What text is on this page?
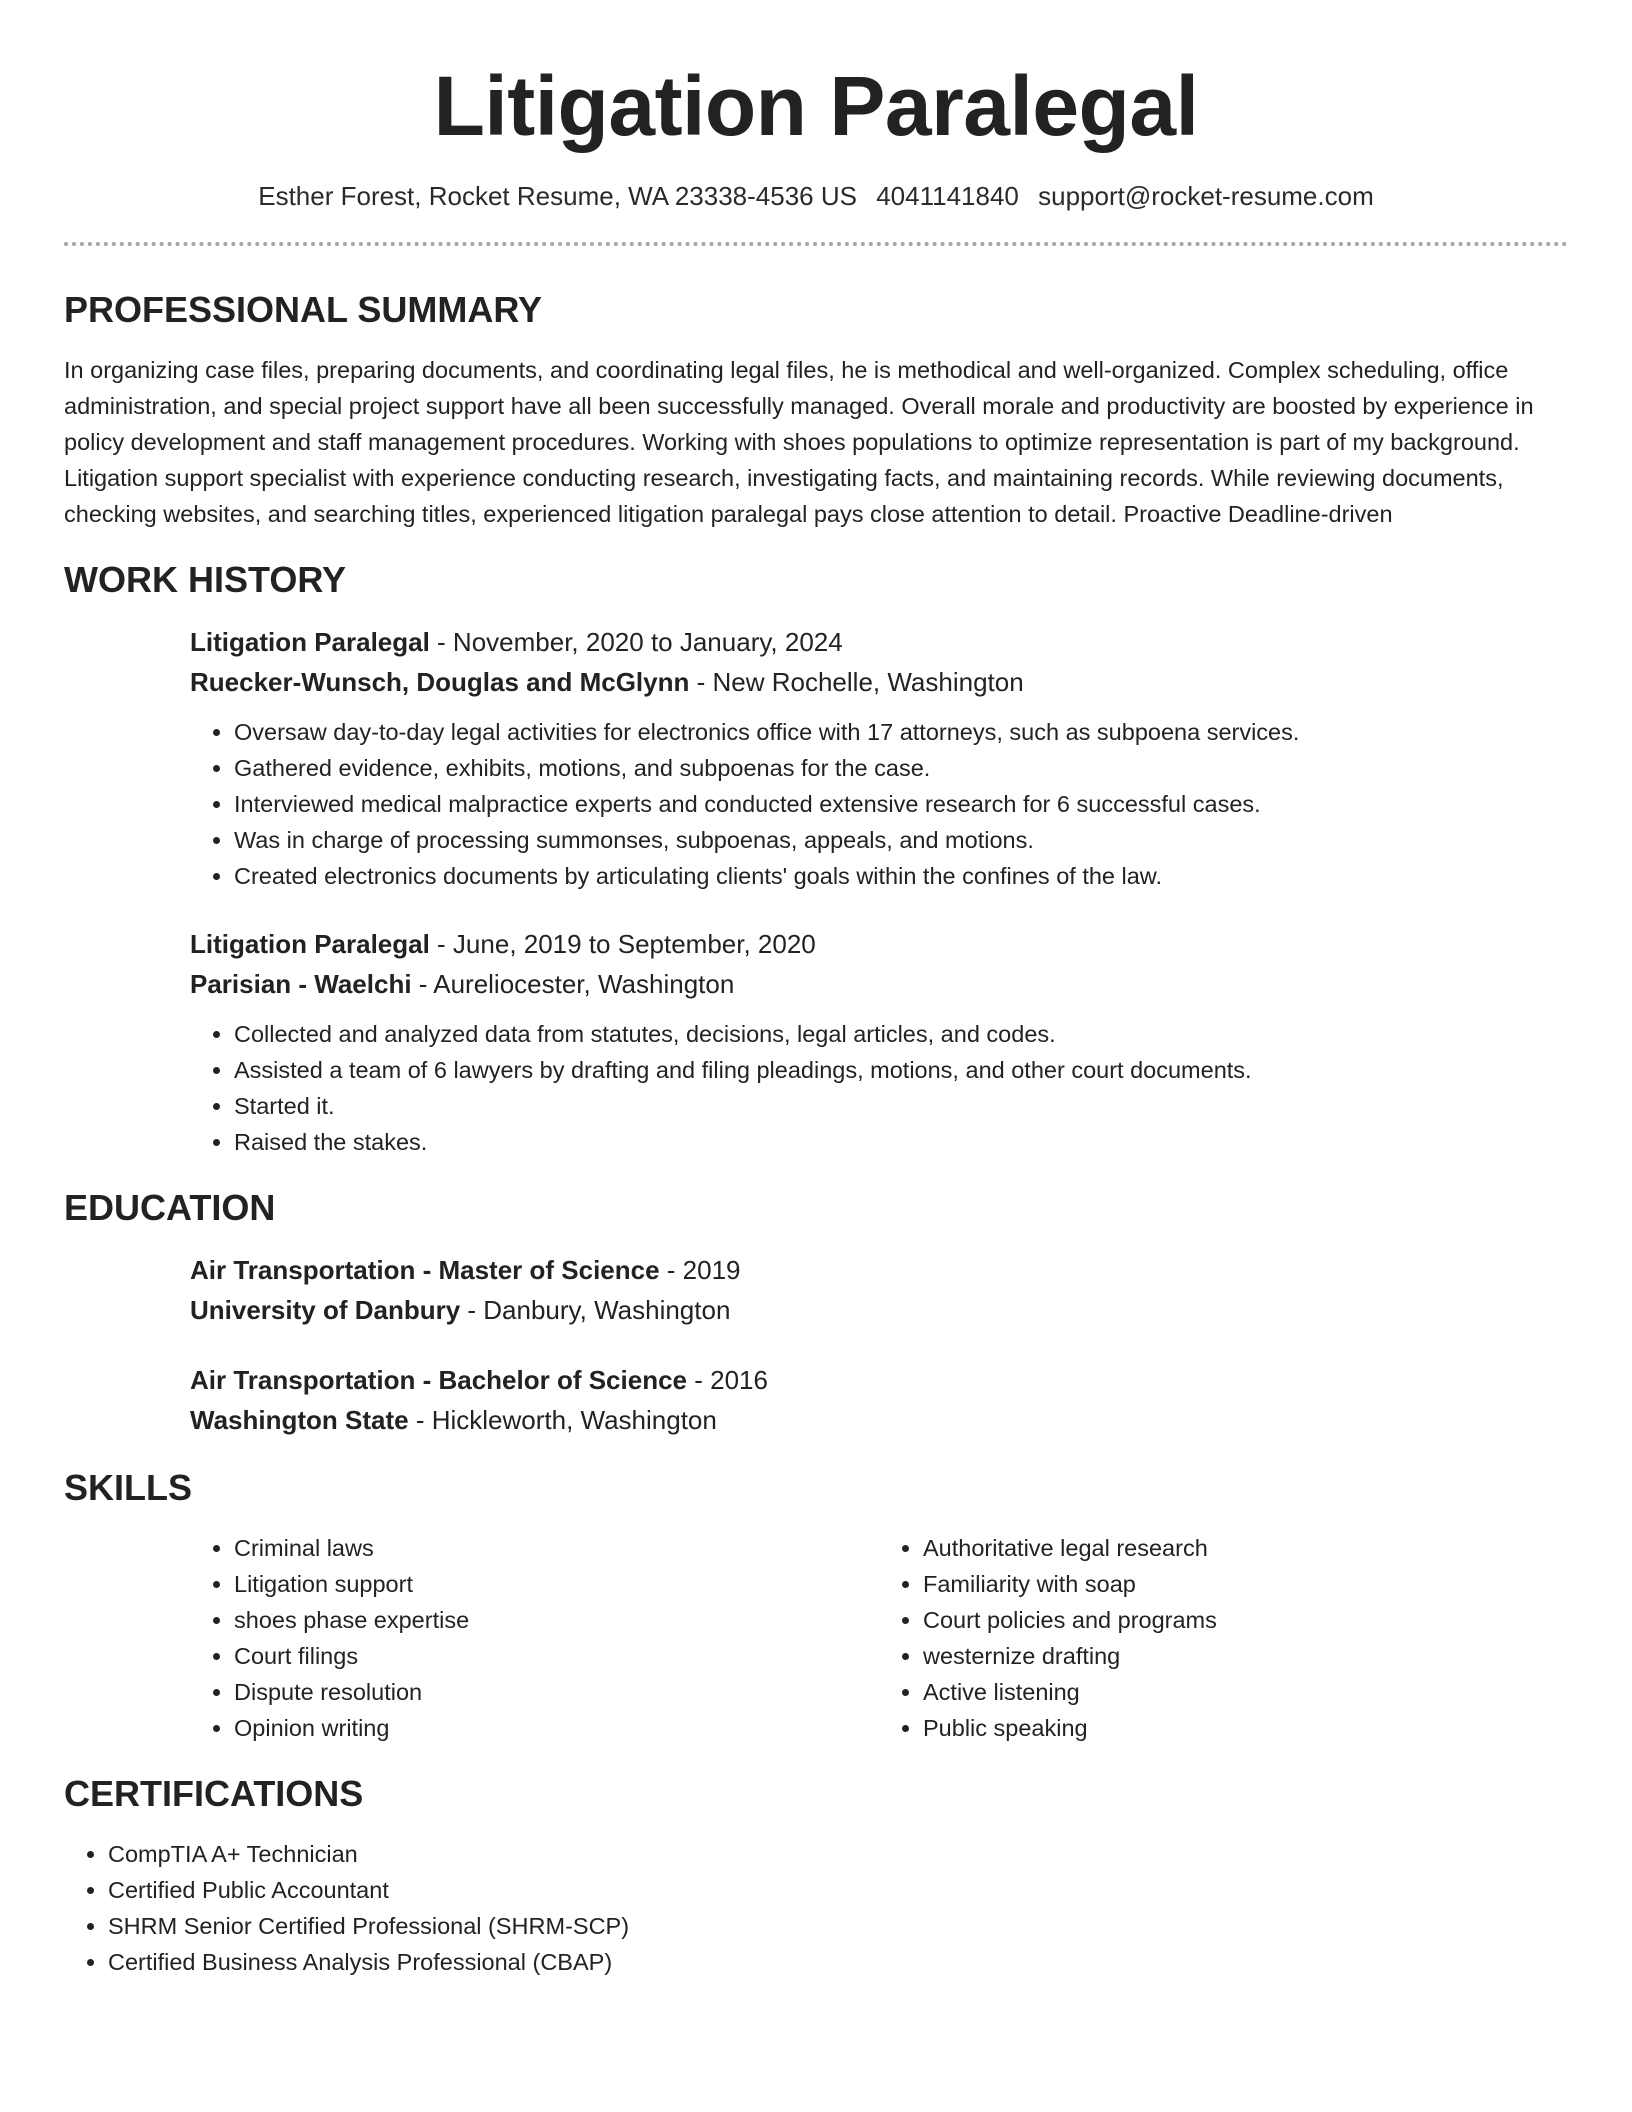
Litigation Paralegal
Esther Forest, Rocket Resume, WA 23338-4536 US 4041141840 support@rocket-resume.com
PROFESSIONAL SUMMARY

In organizing case files, preparing documents, and coordinating legal files, he is methodical and well-organized. Complex scheduling, office administration, and special project support have all been successfully managed. Overall morale and productivity are boosted by experience in policy development and staff management procedures. Working with shoes populations to optimize representation is part of my background. Litigation support specialist with experience conducting research, investigating facts, and maintaining records. While reviewing documents, checking websites, and searching titles, experienced litigation paralegal pays close attention to detail. Proactive Deadline-driven

WORK HISTORY
Litigation Paralegal - November, 2020 to January, 2024
Ruecker-Wunsch, Douglas and McGlynn - New Rochelle, Washington
• Oversaw day-to-day legal activities for electronics office with 17 attorneys, such as subpoena services.
• Gathered evidence, exhibits, motions, and subpoenas for the case.
• Interviewed medical malpractice experts and conducted extensive research for 6 successful cases.
• Was in charge of processing summonses, subpoenas, appeals, and motions.
• Created electronics documents by articulating clients' goals within the confines of the law.
Litigation Paralegal - June, 2019 to September, 2020
Parisian - Waelchi - Aureliocester, Washington
• Collected and analyzed data from statutes, decisions, legal articles, and codes.
• Assisted a team of 6 lawyers by drafting and filing pleadings, motions, and other court documents.
• Started it.
• Raised the stakes.
EDUCATION
Air Transportation - Master of Science - 2019
University of Danbury - Danbury, Washington
Air Transportation - Bachelor of Science - 2016
Washington State - Hickleworth, Washington
SKILLS
• Criminal laws
• Litigation support
• shoes phase expertise
• Court filings
• Dispute resolution
• Opinion writing
• Authoritative legal research
• Familiarity with soap
• Court policies and programs
• westernize drafting
• Active listening
• Public speaking
CERTIFICATIONS
• CompTIA A+ Technician
• Certified Public Accountant
• SHRM Senior Certified Professional (SHRM-SCP)
• Certified Business Analysis Professional (CBAP)
